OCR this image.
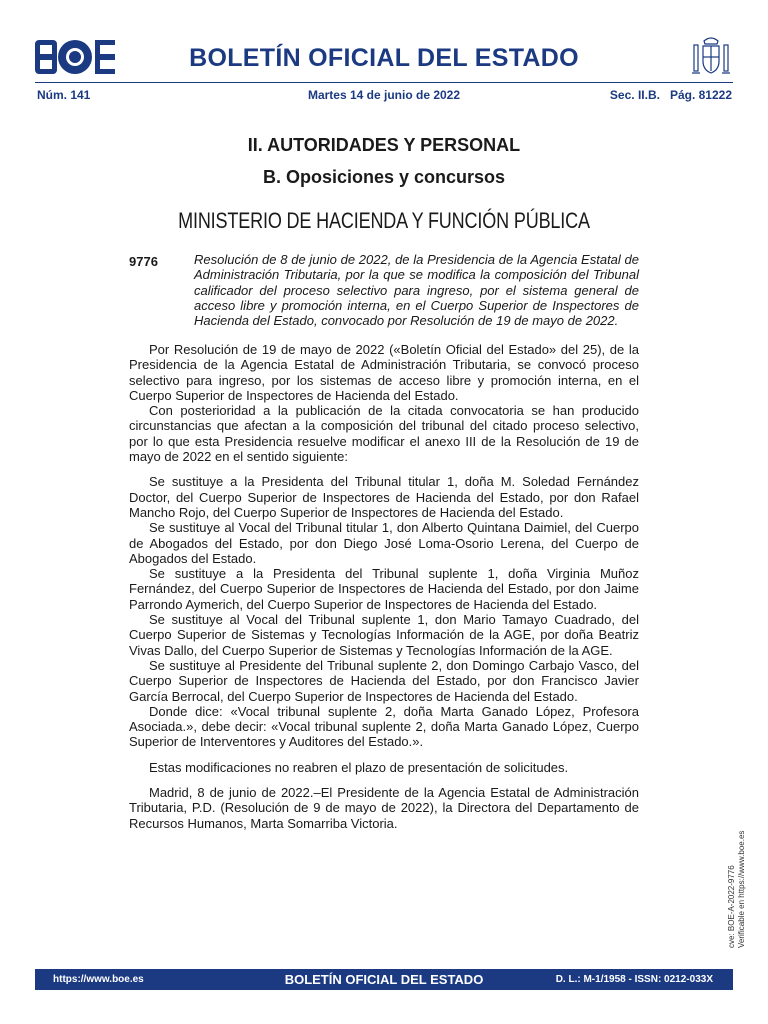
BOLETÍN OFICIAL DEL ESTADO
Núm. 141	Martes 14 de junio de 2022	Sec. II.B.   Pág. 81222
II. AUTORIDADES Y PERSONAL
B. Oposiciones y concursos
MINISTERIO DE HACIENDA Y FUNCIÓN PÚBLICA
9776	Resolución de 8 de junio de 2022, de la Presidencia de la Agencia Estatal de Administración Tributaria, por la que se modifica la composición del Tribunal calificador del proceso selectivo para ingreso, por el sistema general de acceso libre y promoción interna, en el Cuerpo Superior de Inspectores de Hacienda del Estado, convocado por Resolución de 19 de mayo de 2022.

Por Resolución de 19 de mayo de 2022 («Boletín Oficial del Estado» del 25), de la Presidencia de la Agencia Estatal de Administración Tributaria, se convocó proceso selectivo para ingreso, por los sistemas de acceso libre y promoción interna, en el Cuerpo Superior de Inspectores de Hacienda del Estado.

Con posterioridad a la publicación de la citada convocatoria se han producido circunstancias que afectan a la composición del tribunal del citado proceso selectivo, por lo que esta Presidencia resuelve modificar el anexo III de la Resolución de 19 de mayo de 2022 en el sentido siguiente:

Se sustituye a la Presidenta del Tribunal titular 1, doña M. Soledad Fernández Doctor, del Cuerpo Superior de Inspectores de Hacienda del Estado, por don Rafael Mancho Rojo, del Cuerpo Superior de Inspectores de Hacienda del Estado.

Se sustituye al Vocal del Tribunal titular 1, don Alberto Quintana Daimiel, del Cuerpo de Abogados del Estado, por don Diego José Loma-Osorio Lerena, del Cuerpo de Abogados del Estado.

Se sustituye a la Presidenta del Tribunal suplente 1, doña Virginia Muñoz Fernández, del Cuerpo Superior de Inspectores de Hacienda del Estado, por don Jaime Parrondo Aymerich, del Cuerpo Superior de Inspectores de Hacienda del Estado.

Se sustituye al Vocal del Tribunal suplente 1, don Mario Tamayo Cuadrado, del Cuerpo Superior de Sistemas y Tecnologías Información de la AGE, por doña Beatriz Vivas Dallo, del Cuerpo Superior de Sistemas y Tecnologías Información de la AGE.

Se sustituye al Presidente del Tribunal suplente 2, don Domingo Carbajo Vasco, del Cuerpo Superior de Inspectores de Hacienda del Estado, por don Francisco Javier García Berrocal, del Cuerpo Superior de Inspectores de Hacienda del Estado.

Donde dice: «Vocal tribunal suplente 2, doña Marta Ganado López, Profesora Asociada.», debe decir: «Vocal tribunal suplente 2, doña Marta Ganado López, Cuerpo Superior de Interventores y Auditores del Estado.».

Estas modificaciones no reabren el plazo de presentación de solicitudes.

Madrid, 8 de junio de 2022.–El Presidente de la Agencia Estatal de Administración Tributaria, P.D. (Resolución de 9 de mayo de 2022), la Directora del Departamento de Recursos Humanos, Marta Somarriba Victoria.

cve: BOE-A-2022-9776 Verificable en https://www.boe.es
https://www.boe.es	BOLETÍN OFICIAL DEL ESTADO	D. L.: M-1/1958 - ISSN: 0212-033X
